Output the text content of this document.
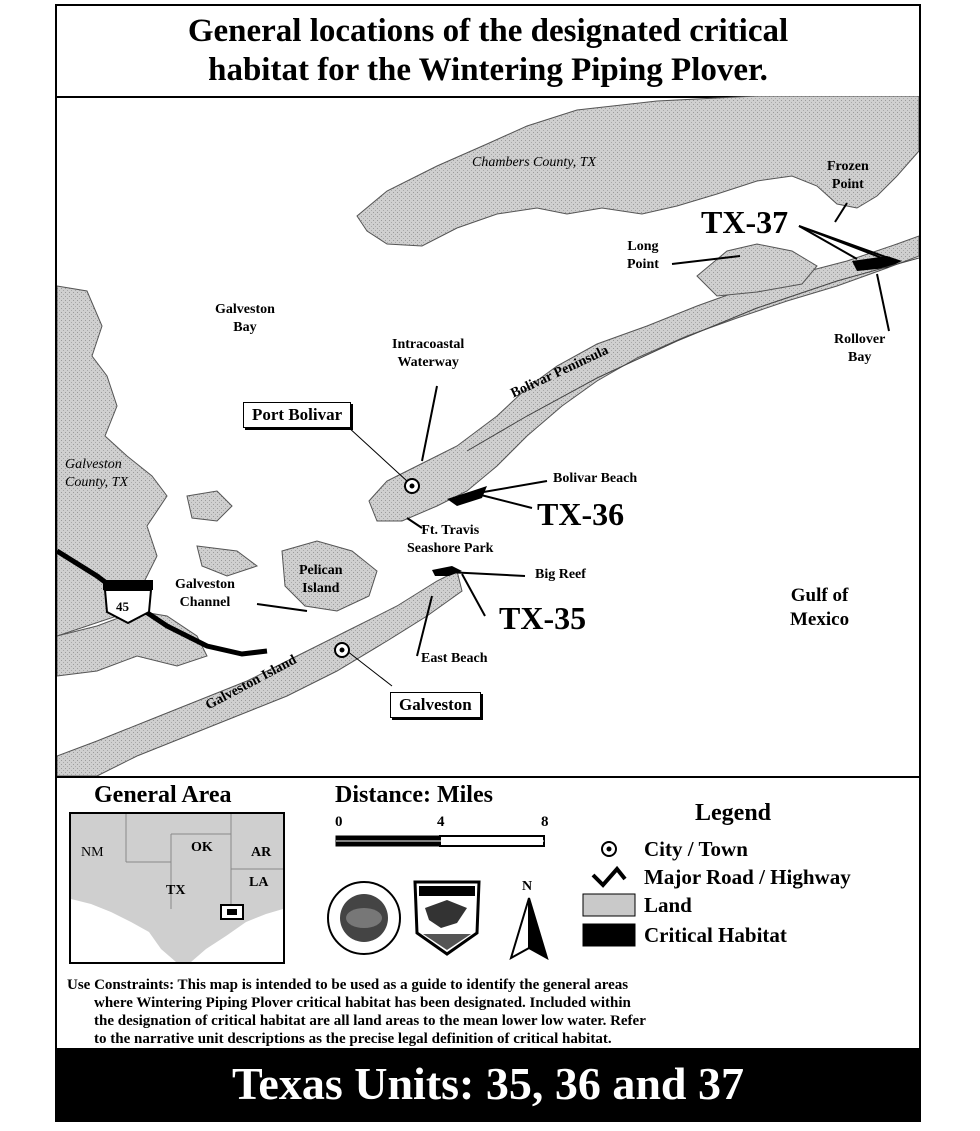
General locations of the designated critical
habitat for the Wintering Piping Plover.

Chambers County, TX	Frozen
Point
TX-37
Long
Point
Galveston
Bay
Intracoastal
Waterway
Rollover
Bay
Bolivar Peninsula
Port Bolivar
Galveston
County, TX	Bolivar Beach
TX-36
Ft. Travis
Seashore Park
Galveston
Channel
Pelican
Island
Big Reef
Gulf of
Mexico
TX-35
East Beach
Galveston Island	Galveston
45
General Area
NM	OK	AR
TX
LA
Distance: Miles
0	4	8
N
Legend
City / Town
Major Road / Highway
Land
Critical Habitat

Use Constraints: This map is intended to be used as a guide to identify the general areas

where Wintering Piping Plover critical habitat has been designated. Included within

the designation of critical habitat are all land areas to the mean lower low water. Refer

to the narrative unit descriptions as the precise legal definition of critical habitat.

Texas Units: 35, 36 and 37
